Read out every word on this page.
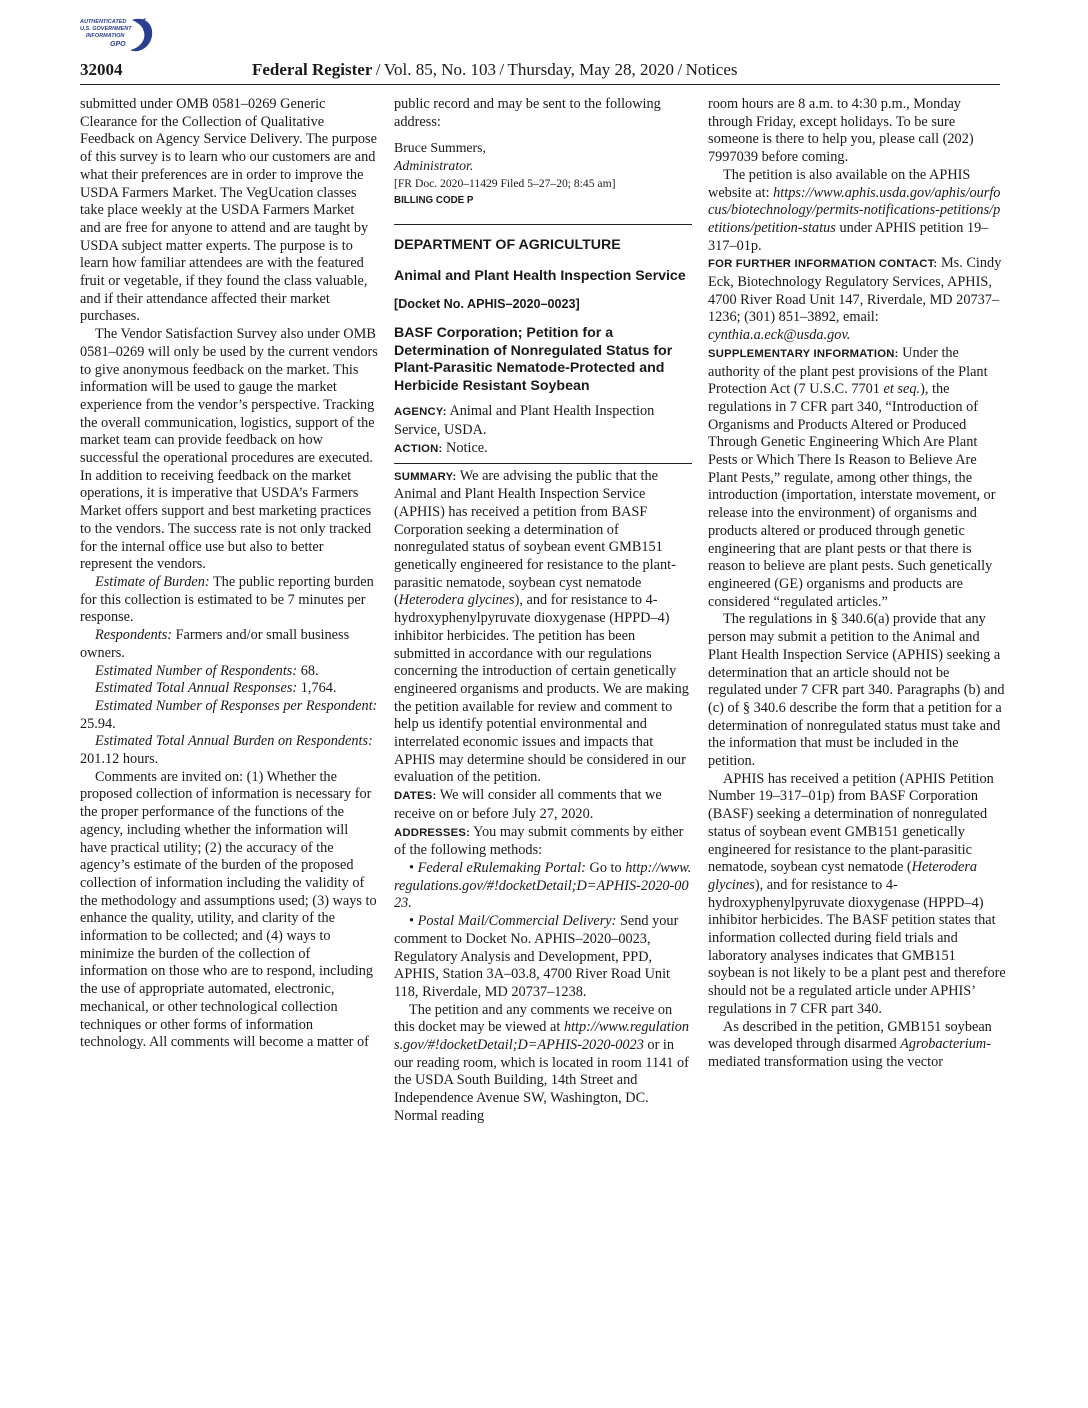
AUTHENTICATED
U.S. GOVERNMENT
INFORMATION
GPO
32004	Federal Register / Vol. 85, No. 103 / Thursday, May 28, 2020 / Notices

submitted under OMB 0581–0269 Generic Clearance for the Collection of Qualitative Feedback on Agency Service Delivery. The purpose of this survey is to learn who our customers are and what their preferences are in order to improve the USDA Farmers Market. The VegUcation classes take place weekly at the USDA Farmers Market and are free for anyone to attend and are taught by USDA subject matter experts. The purpose is to learn how familiar attendees are with the featured fruit or vegetable, if they found the class valuable, and if their attendance affected their market purchases.

The Vendor Satisfaction Survey also under OMB 0581–0269 will only be used by the current vendors to give anonymous feedback on the market. This information will be used to gauge the market experience from the vendor’s perspective. Tracking the overall communication, logistics, support of the market team can provide feedback on how successful the operational procedures are executed. In addition to receiving feedback on the market operations, it is imperative that USDA’s Farmers Market offers support and best marketing practices to the vendors. The success rate is not only tracked for the internal office use but also to better represent the vendors.

Estimate of Burden: The public reporting burden for this collection is estimated to be 7 minutes per response.

Respondents: Farmers and/or small business owners.

Estimated Number of Respondents: 68.

Estimated Total Annual Responses: 1,764.

Estimated Number of Responses per Respondent: 25.94.

Estimated Total Annual Burden on Respondents: 201.12 hours.

Comments are invited on: (1) Whether the proposed collection of information is necessary for the proper performance of the functions of the agency, including whether the information will have practical utility; (2) the accuracy of the agency’s estimate of the burden of the proposed collection of information including the validity of the methodology and assumptions used; (3) ways to enhance the quality, utility, and clarity of the information to be collected; and (4) ways to minimize the burden of the collection of information on those who are to respond, including the use of appropriate automated, electronic, mechanical, or other technological collection techniques or other forms of information technology. All comments will become a matter of

public record and may be sent to the following address:

Bruce Summers,

Administrator.

[FR Doc. 2020–11429 Filed 5–27–20; 8:45 am]

BILLING CODE P

DEPARTMENT OF AGRICULTURE

Animal and Plant Health Inspection Service

[Docket No. APHIS–2020–0023]

BASF Corporation; Petition for a Determination of Nonregulated Status for Plant-Parasitic Nematode-Protected and Herbicide Resistant Soybean

AGENCY: Animal and Plant Health Inspection Service, USDA.

ACTION: Notice.

SUMMARY: We are advising the public that the Animal and Plant Health Inspection Service (APHIS) has received a petition from BASF Corporation seeking a determination of nonregulated status of soybean event GMB151 genetically engineered for resistance to the plant-parasitic nematode, soybean cyst nematode (Heterodera glycines), and for resistance to 4-hydroxyphenylpyruvate dioxygenase (HPPD–4) inhibitor herbicides. The petition has been submitted in accordance with our regulations concerning the introduction of certain genetically engineered organisms and products. We are making the petition available for review and comment to help us identify potential environmental and interrelated economic issues and impacts that APHIS may determine should be considered in our evaluation of the petition.

DATES: We will consider all comments that we receive on or before July 27, 2020.

ADDRESSES: You may submit comments by either of the following methods:

• Federal eRulemaking Portal: Go to http://www.regulations.gov/#!docketDetail;D=APHIS-2020-0023.

• Postal Mail/Commercial Delivery: Send your comment to Docket No. APHIS–2020–0023, Regulatory Analysis and Development, PPD, APHIS, Station 3A–03.8, 4700 River Road Unit 118, Riverdale, MD 20737–1238.

The petition and any comments we receive on this docket may be viewed at http://www.regulations.gov/#!docketDetail;D=APHIS-2020-0023 or in our reading room, which is located in room 1141 of the USDA South Building, 14th Street and Independence Avenue SW, Washington, DC. Normal reading

room hours are 8 a.m. to 4:30 p.m., Monday through Friday, except holidays. To be sure someone is there to help you, please call (202) 7997039 before coming.

The petition is also available on the APHIS website at: https://www.aphis.usda.gov/aphis/ourfocus/biotechnology/permits-notifications-petitions/petitions/petition-status under APHIS petition 19–317–01p.

FOR FURTHER INFORMATION CONTACT: Ms. Cindy Eck, Biotechnology Regulatory Services, APHIS, 4700 River Road Unit 147, Riverdale, MD 20737–1236; (301) 851–3892, email: cynthia.a.eck@usda.gov.

SUPPLEMENTARY INFORMATION: Under the authority of the plant pest provisions of the Plant Protection Act (7 U.S.C. 7701 et seq.), the regulations in 7 CFR part 340, “Introduction of Organisms and Products Altered or Produced Through Genetic Engineering Which Are Plant Pests or Which There Is Reason to Believe Are Plant Pests,” regulate, among other things, the introduction (importation, interstate movement, or release into the environment) of organisms and products altered or produced through genetic engineering that are plant pests or that there is reason to believe are plant pests. Such genetically engineered (GE) organisms and products are considered “regulated articles.”

The regulations in § 340.6(a) provide that any person may submit a petition to the Animal and Plant Health Inspection Service (APHIS) seeking a determination that an article should not be regulated under 7 CFR part 340. Paragraphs (b) and (c) of § 340.6 describe the form that a petition for a determination of nonregulated status must take and the information that must be included in the petition.

APHIS has received a petition (APHIS Petition Number 19–317–01p) from BASF Corporation (BASF) seeking a determination of nonregulated status of soybean event GMB151 genetically engineered for resistance to the plant-parasitic nematode, soybean cyst nematode (Heterodera glycines), and for resistance to 4-hydroxyphenylpyruvate dioxygenase (HPPD–4) inhibitor herbicides. The BASF petition states that information collected during field trials and laboratory analyses indicates that GMB151 soybean is not likely to be a plant pest and therefore should not be a regulated article under APHIS’ regulations in 7 CFR part 340.

As described in the petition, GMB151 soybean was developed through disarmed Agrobacterium-mediated transformation using the vector
